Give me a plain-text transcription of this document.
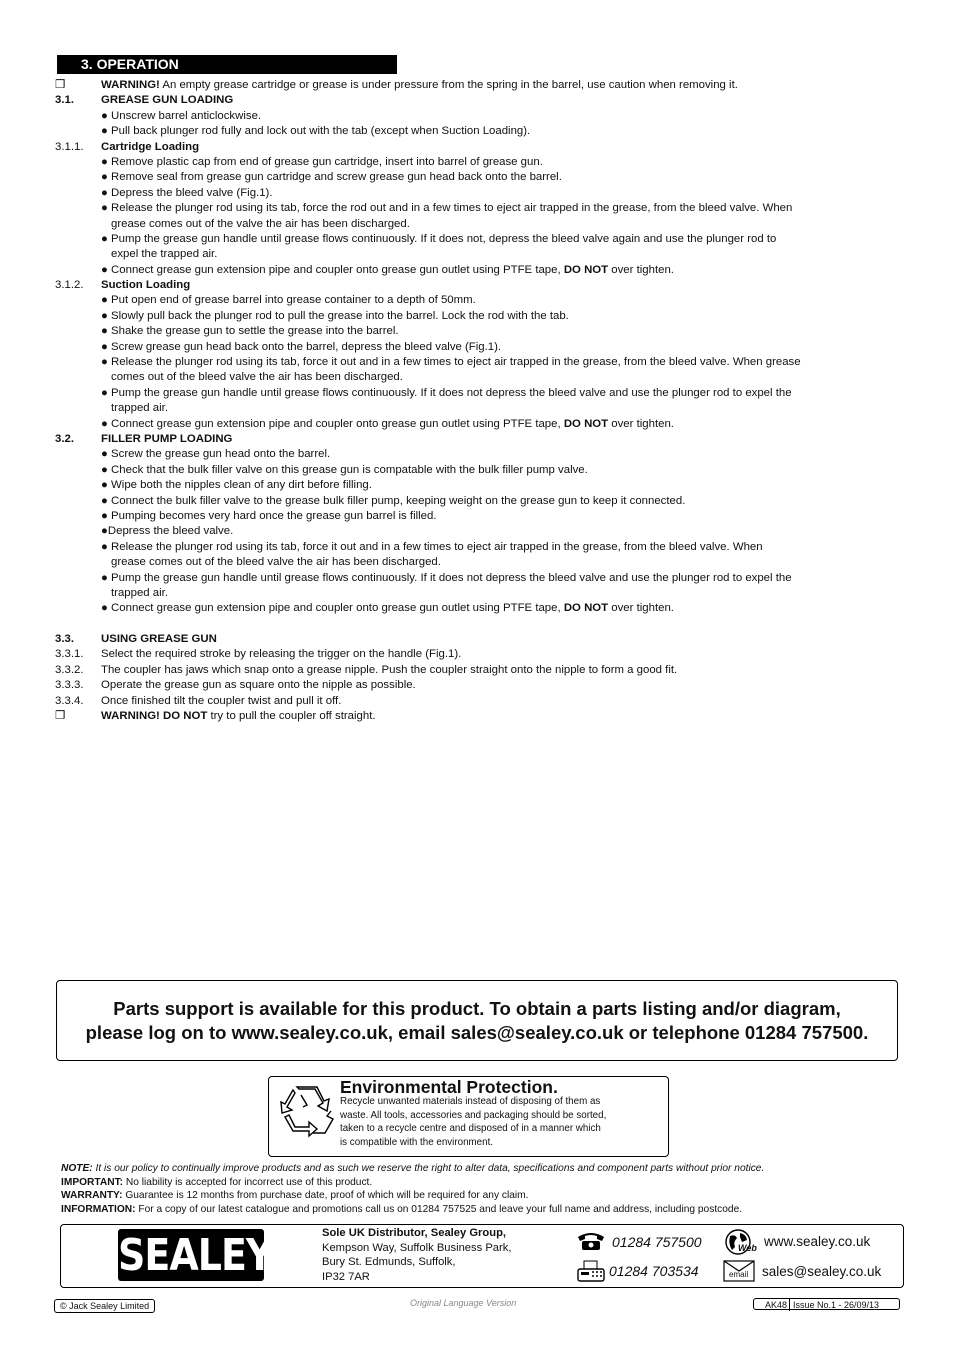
3. OPERATION
❒	WARNING! An empty grease cartridge or grease is under pressure from the spring in the barrel, use caution when removing it.
3.1. GREASE GUN LOADING
● Unscrew barrel anticlockwise.
● Pull back plunger rod fully and lock out with the tab (except when Suction Loading).
3.1.1. Cartridge Loading
● Remove plastic cap from end of grease gun cartridge, insert into barrel of grease gun.
● Remove seal from grease gun cartridge and screw grease gun head back onto the barrel.
● Depress the bleed valve (Fig.1).
● Release the plunger rod using its tab, force the rod out and in a few times to eject air trapped in the grease, from the bleed valve. When
grease comes out of the valve the air has been discharged.
● Pump the grease gun handle until grease flows continuously. If it does not, depress the bleed valve again and use the plunger rod to
expel the trapped air.
● Connect grease gun extension pipe and coupler onto grease gun outlet using PTFE tape, DO NOT over tighten.
3.1.2. Suction Loading
● Put open end of grease barrel into grease container to a depth of 50mm.
● Slowly pull back the plunger rod to pull the grease into the barrel. Lock the rod with the tab.
● Shake the grease gun to settle the grease into the barrel.
● Screw grease gun head back onto the barrel, depress the bleed valve (Fig.1).
● Release the plunger rod using its tab, force it out and in a few times to eject air trapped in the grease, from the bleed valve. When grease
comes out of the bleed valve the air has been discharged.
● Pump the grease gun handle until grease flows continuously. If it does not depress the bleed valve and use the plunger rod to expel the
trapped air.
● Connect grease gun extension pipe and coupler onto grease gun outlet using PTFE tape, DO NOT over tighten.
3.2. FILLER PUMP LOADING
● Screw the grease gun head onto the barrel.
● Check that the bulk filler valve on this grease gun is compatable with the bulk filler pump valve.
● Wipe both the nipples clean of any dirt before filling.
● Connect the bulk filler valve to the grease bulk filler pump, keeping weight on the grease gun to keep it connected.
● Pumping becomes very hard once the grease gun barrel is filled.
●Depress the bleed valve.
● Release the plunger rod using its tab, force it out and in a few times to eject air trapped in the grease, from the bleed valve. When
grease comes out of the bleed valve the air has been discharged.
● Pump the grease gun handle until grease flows continuously. If it does not depress the bleed valve and use the plunger rod to expel the
trapped air.
● Connect grease gun extension pipe and coupler onto grease gun outlet using PTFE tape, DO NOT over tighten.
3.3. USING GREASE GUN
3.3.1. Select the required stroke by releasing the trigger on the handle (Fig.1).
3.3.2. The coupler has jaws which snap onto a grease nipple. Push the coupler straight onto the nipple to form a good fit.
3.3.3. Operate the grease gun as square onto the nipple as possible.
3.3.4. Once finished tilt the coupler twist and pull it off.
❒	WARNING! DO NOT try to pull the coupler off straight.
Parts support is available for this product. To obtain a parts listing and/or diagram,
please log on to www.sealey.co.uk, email sales@sealey.co.uk or telephone 01284 757500.
Environmental Protection.
Recycle unwanted materials instead of disposing of them as
waste. All tools, accessories and packaging should be sorted,
taken to a recycle centre and disposed of in a manner which
is compatible with the environment.
NOTE: It is our policy to continually improve products and as such we reserve the right to alter data, specifications and component parts without prior notice.
IMPORTANT: No liability is accepted for incorrect use of this product.
WARRANTY: Guarantee is 12 months from purchase date, proof of which will be required for any claim.
INFORMATION: For a copy of our latest catalogue and promotions call us on 01284 757525 and leave your full name and address, including postcode.
SEALEY	Sole UK Distributor, Sealey Group,
Kempson Way, Suffolk Business Park,
Bury St. Edmunds, Suffolk,
IP32 7AR
01284 757500
01284 703534
Web www.sealey.co.uk
email sales@sealey.co.uk
© Jack Sealey Limited	Original Language Version	AK48 Issue No.1 - 26/09/13
